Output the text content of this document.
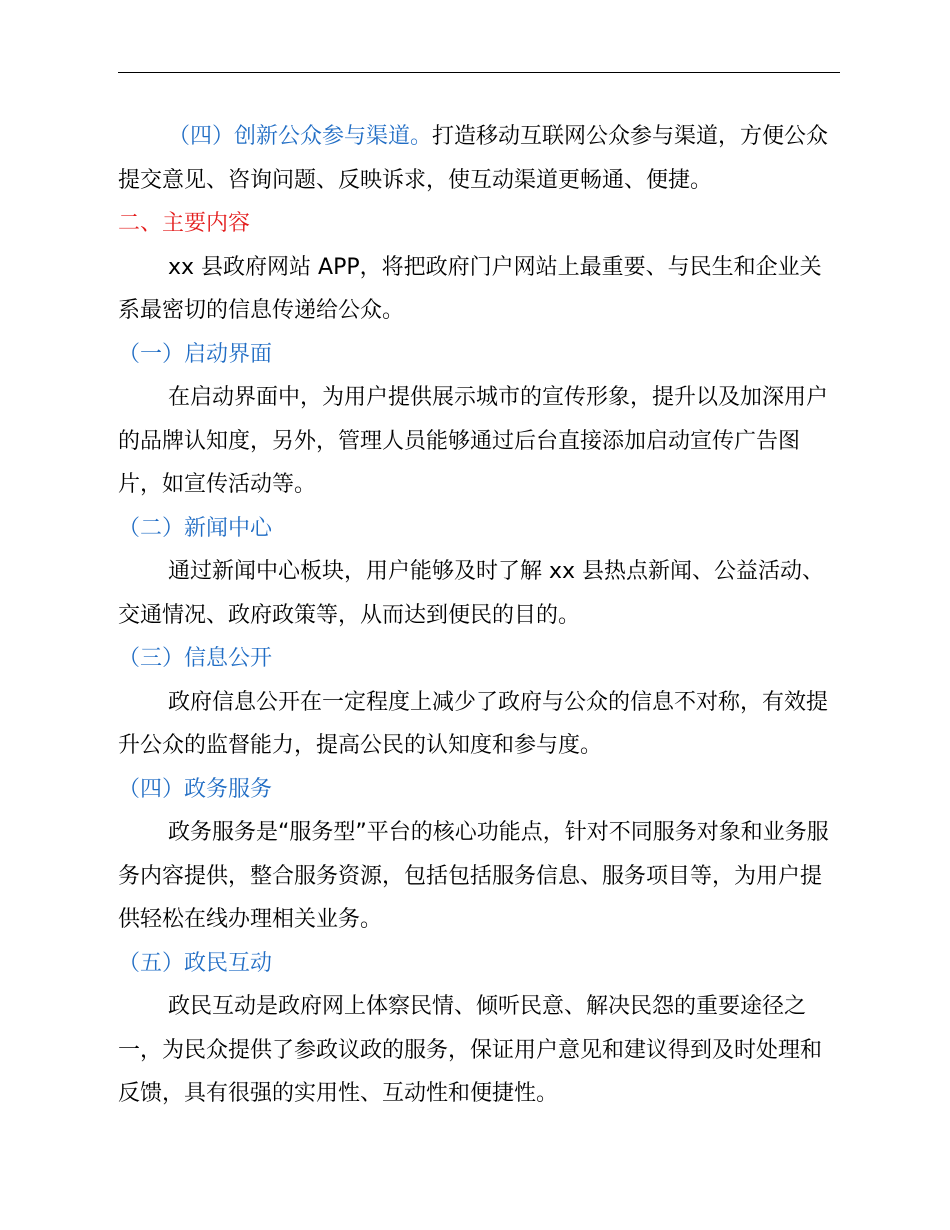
（四）创新公众参与渠道。打造移动互联网公众参与渠道，方便公众提交意见、咨询问题、反映诉求，使互动渠道更畅通、便捷。

二、主要内容

xx 县政府网站 APP，将把政府门户网站上最重要、与民生和企业关系最密切的信息传递给公众。

（一）启动界面

在启动界面中，为用户提供展示城市的宣传形象，提升以及加深用户的品牌认知度，另外，管理人员能够通过后台直接添加启动宣传广告图片，如宣传活动等。

（二）新闻中心

通过新闻中心板块，用户能够及时了解 xx 县热点新闻、公益活动、交通情况、政府政策等，从而达到便民的目的。

（三）信息公开

政府信息公开在一定程度上减少了政府与公众的信息不对称，有效提升公众的监督能力，提高公民的认知度和参与度。

（四）政务服务

政务服务是“服务型”平台的核心功能点，针对不同服务对象和业务服务内容提供，整合服务资源，包括包括服务信息、服务项目等，为用户提供轻松在线办理相关业务。

（五）政民互动

政民互动是政府网上体察民情、倾听民意、解决民怨的重要途径之一，为民众提供了参政议政的服务，保证用户意见和建议得到及时处理和反馈，具有很强的实用性、互动性和便捷性。
